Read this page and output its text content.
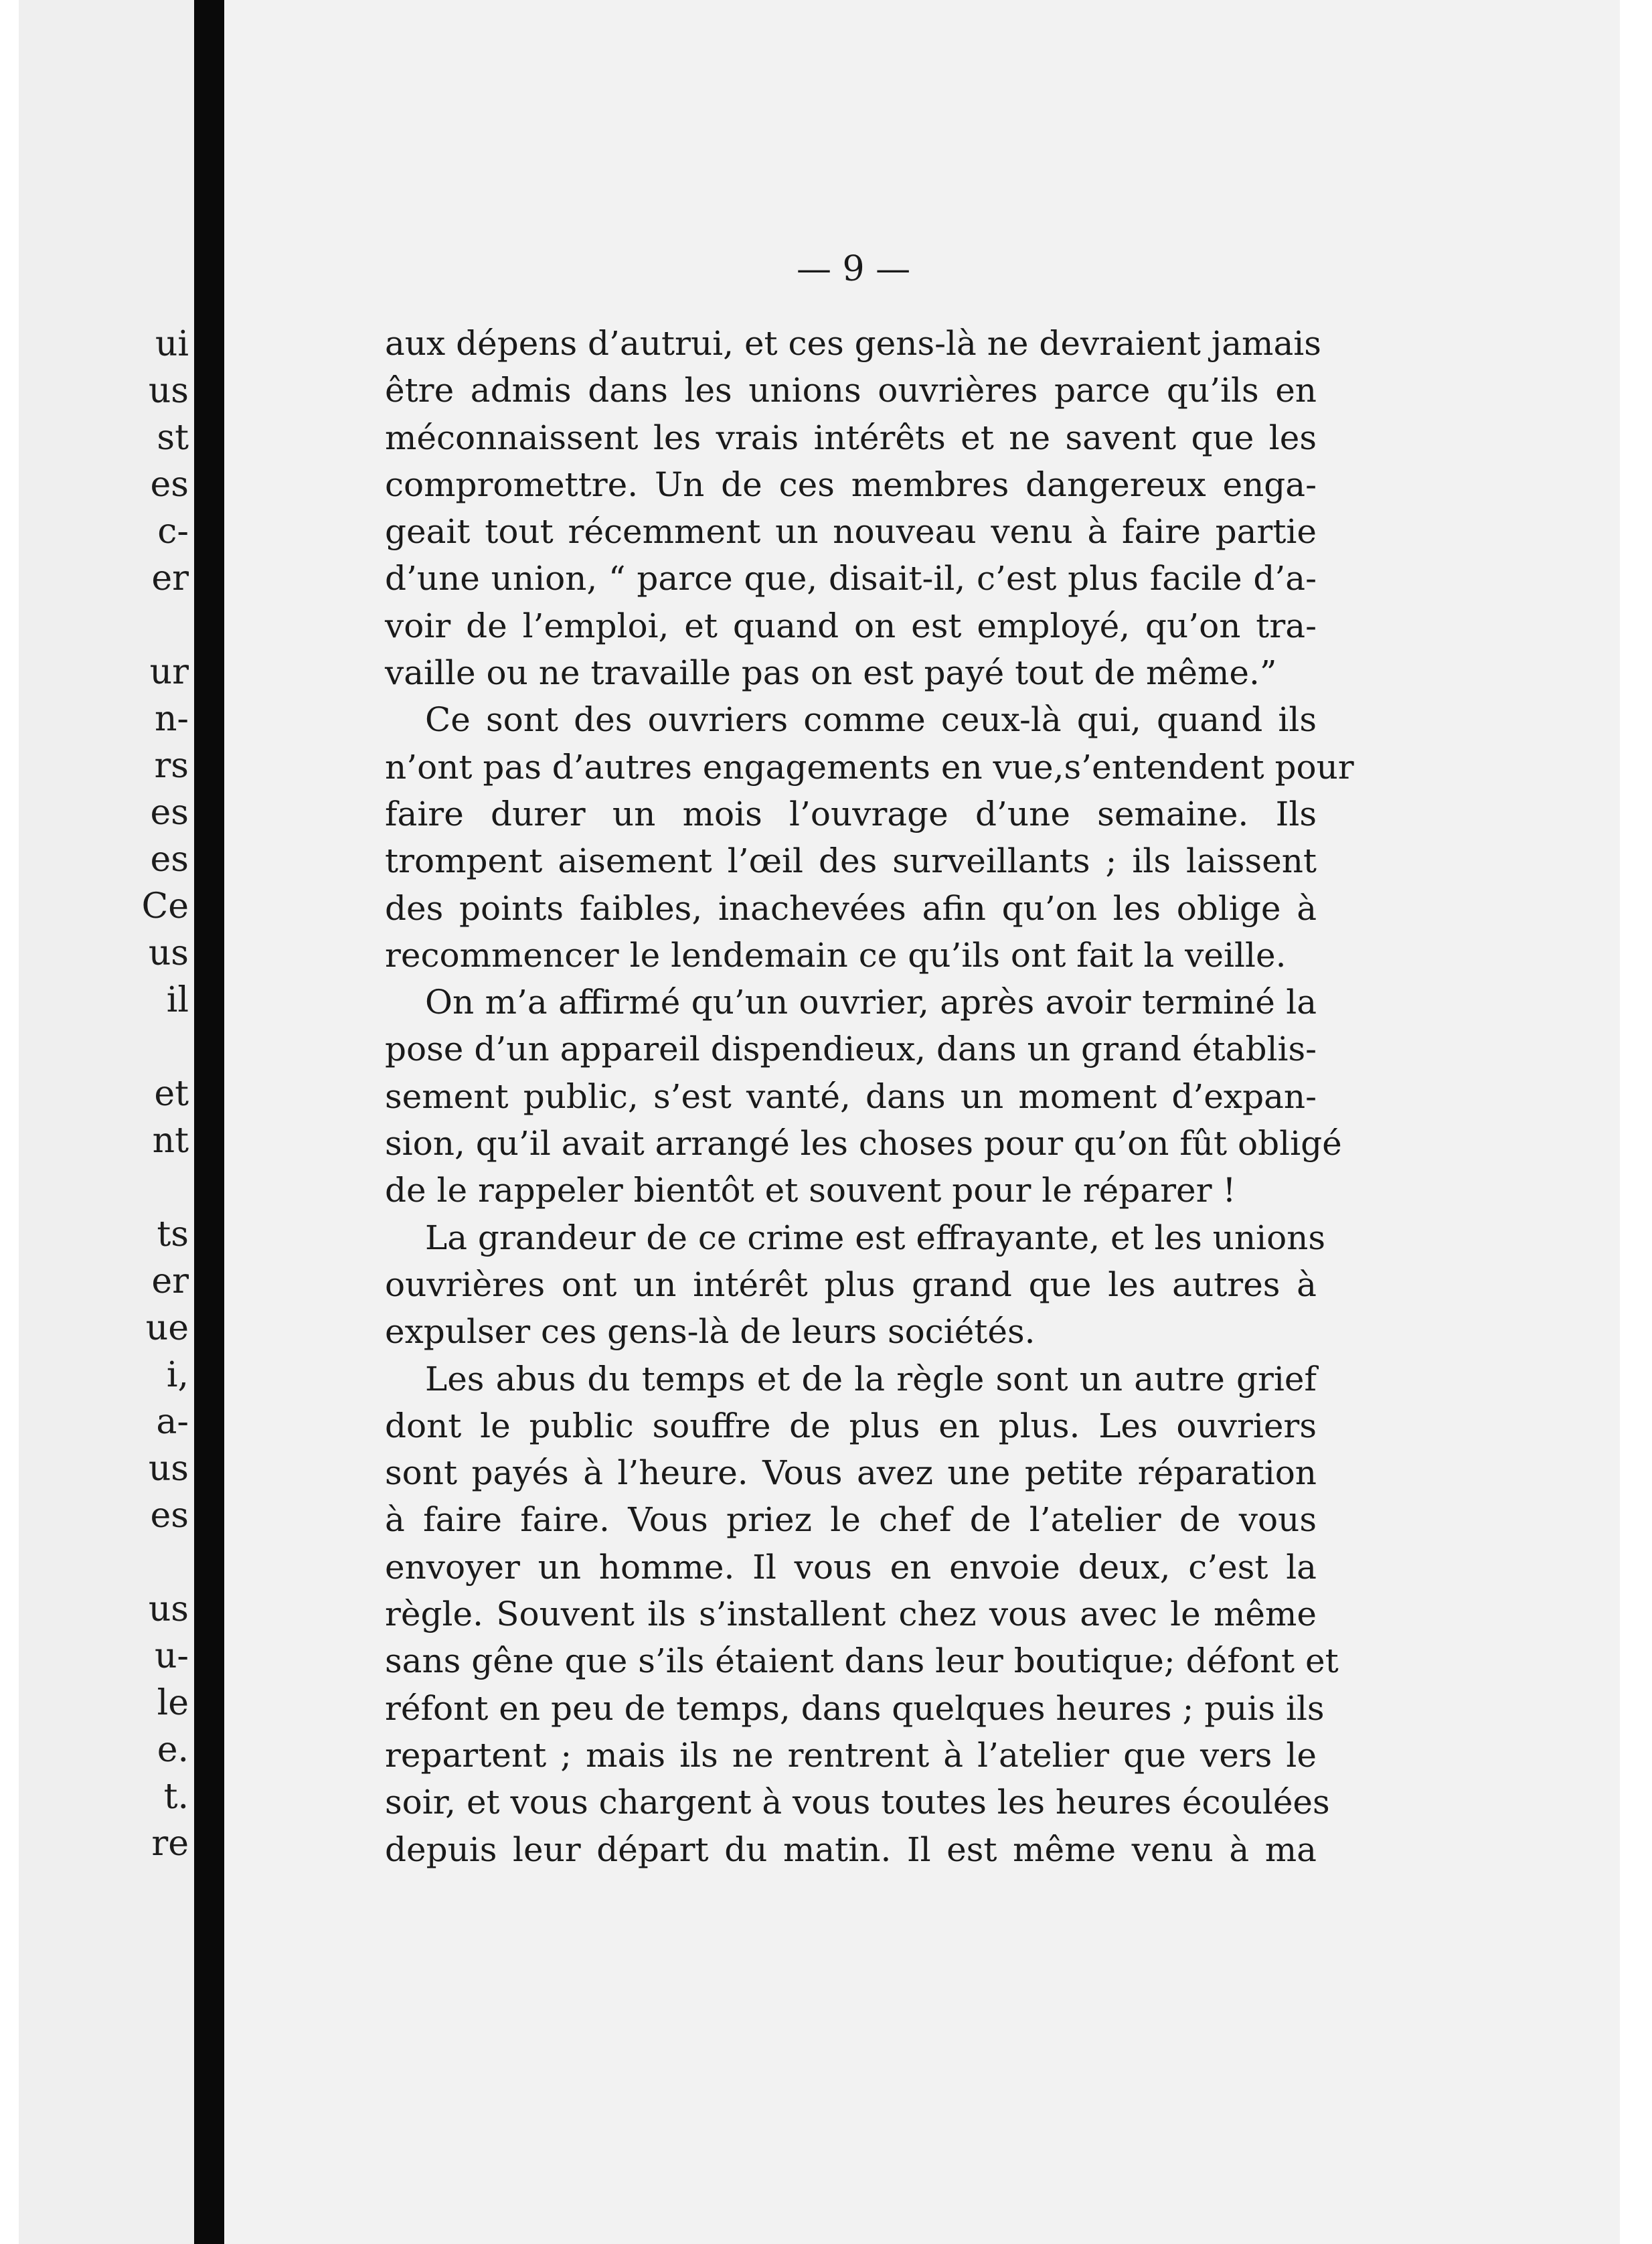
ui
us
st
es
c-
er
ur
n-
rs
es
es
Ce
us
il
et
nt
ts
er
ue
i,
a-
us
es
us
u-
le
e.
t.
re
— 9 —
aux dépens d’autrui, et ces gens-là ne devraient jamais
être admis dans les unions ouvrières parce qu’ils en
méconnaissent les vrais intérêts et ne savent que les
compromettre. Un de ces membres dangereux enga-
geait tout récemment un nouveau venu à faire partie
d’une union, “ parce que, disait-il, c’est plus facile d’a-
voir de l’emploi, et quand on est employé, qu’on tra-
vaille ou ne travaille pas on est payé tout de même.”
Ce sont des ouvriers comme ceux-là qui, quand ils
n’ont pas d’autres engagements en vue,s’entendent pour
faire durer un mois l’ouvrage d’une semaine. Ils
trompent aisement l’œil des surveillants ; ils laissent
des points faibles, inachevées afin qu’on les oblige à
recommencer le lendemain ce qu’ils ont fait la veille.
On m’a affirmé qu’un ouvrier, après avoir terminé la
pose d’un appareil dispendieux, dans un grand établis-
sement public, s’est vanté, dans un moment d’expan-
sion, qu’il avait arrangé les choses pour qu’on fût obligé
de le rappeler bientôt et souvent pour le réparer !
La grandeur de ce crime est effrayante, et les unions
ouvrières ont un intérêt plus grand que les autres à
expulser ces gens-là de leurs sociétés.
Les abus du temps et de la règle sont un autre grief
dont le public souffre de plus en plus. Les ouvriers
sont payés à l’heure. Vous avez une petite réparation
à faire faire. Vous priez le chef de l’atelier de vous
envoyer un homme. Il vous en envoie deux, c’est la
règle. Souvent ils s’installent chez vous avec le même
sans gêne que s’ils étaient dans leur boutique; défont et
réfont en peu de temps, dans quelques heures ; puis ils
repartent ; mais ils ne rentrent à l’atelier que vers le
soir, et vous chargent à vous toutes les heures écoulées
depuis leur départ du matin. Il est même venu à ma
